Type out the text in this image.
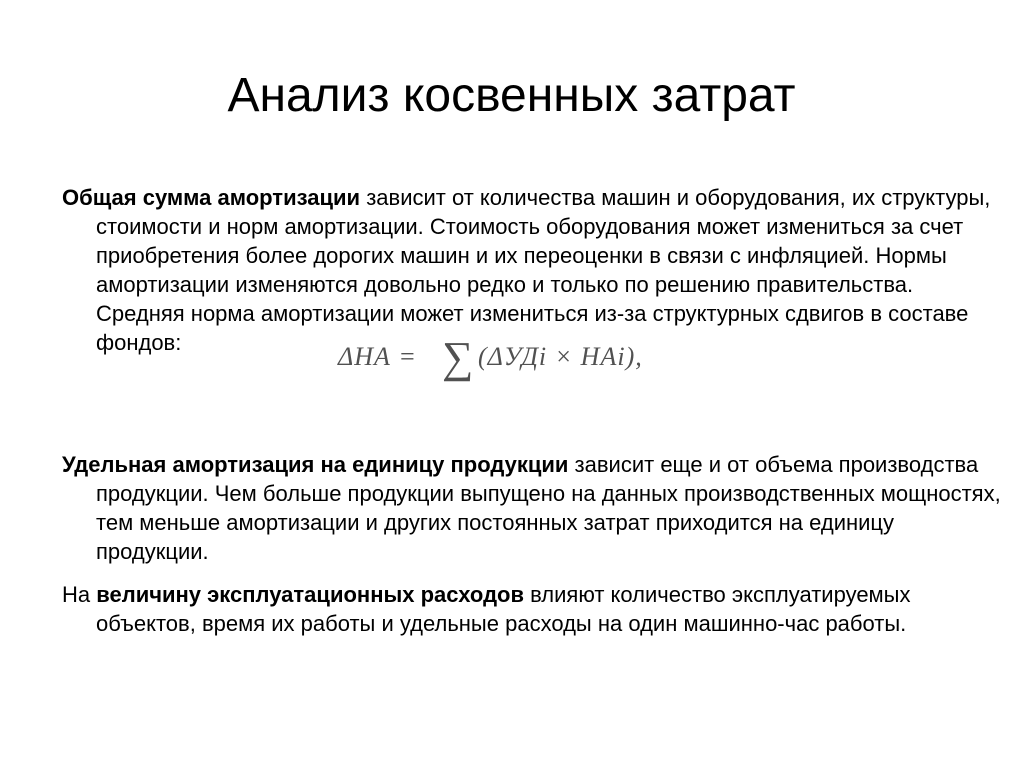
Анализ косвенных затрат

Общая сумма амортизации зависит от количества машин и оборудования, их структуры, стоимости и норм амортизации. Стоимость оборудования может измениться за счет приобретения более дорогих машин и их переоценки в связи с инфляцией. Нормы амортизации изменяются довольно редко и только по решению правительства. Средняя норма амортизации может измениться из-за структурных сдвигов в составе фондов:	ΔНА = ∑ (ΔУДi × НАi),

Удельная амортизация на единицу продукции зависит еще и от объема производства продукции. Чем больше продукции выпущено на данных производственных мощностях, тем меньше амортизации и других постоянных затрат приходится на единицу продукции.

На величину эксплуатационных расходов влияют количество эксплуатируемых объектов, время их работы и удельные расходы на один машинно-час работы.
